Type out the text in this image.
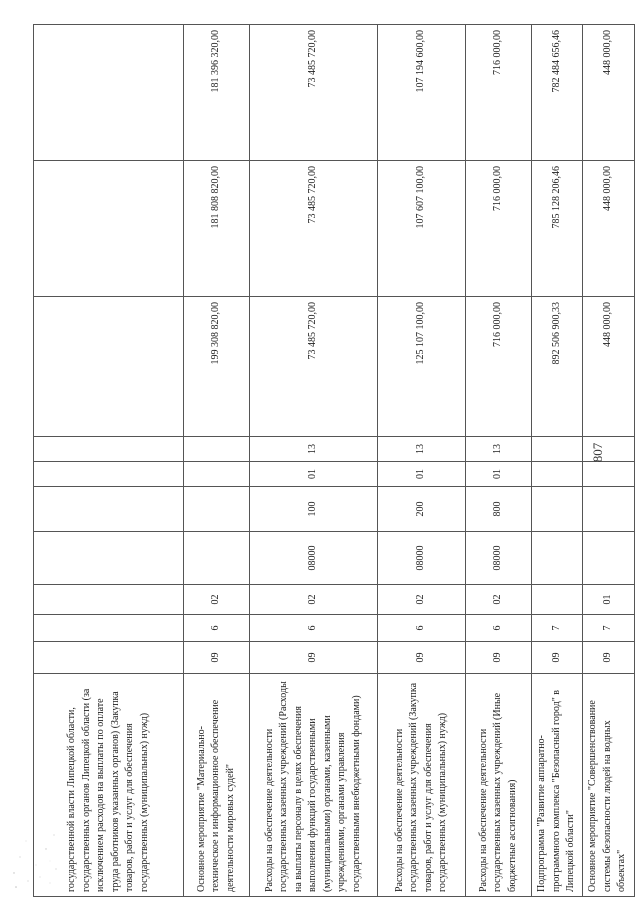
государственной власти Липецкой области, государственных органов Липецкой области (за исключением расходов на выплаты по оплате труда работников указанных органов) (Закупка товаров, работ и услуг для обеспечения государственных (муниципальных) нужд)										
Основное мероприятие "Материально-техническое и информационное обеспечение деятельности мировых судей"	09	6	02					199 308 820,00	181 808 820,00	181 396 320,00
Расходы на обеспечение деятельности государственных казенных учреждений (Расходы на выплаты персоналу в целях обеспечения выполнения функций государственными (муниципальными) органами, казенными учреждениями, органами управления государственными внебюджетными фондами)	09	6	02	08000	100	01	13	73 485 720,00	73 485 720,00	73 485 720,00
Расходы на обеспечение деятельности государственных казенных учреждений (Закупка товаров, работ и услуг для обеспечения государственных (муниципальных) нужд)	09	6	02	08000	200	01	13	125 107 100,00	107 607 100,00	107 194 600,00
Расходы на обеспечение деятельности государственных казенных учреждений (Иные бюджетные ассигнования)	09	6	02	08000	800	01	13	716 000,00	716 000,00	716 000,00
Подпрограмма "Развитие аппаратно-программного комплекса "Безопасный город" в Липецкой области"	09	7						892 506 900,33	785 128 206,46	782 484 656,46
Основное мероприятие "Совершенствование системы безопасности людей на водных объектах"	09	7	01					448 000,00	448 000,00	448 000,00
807
